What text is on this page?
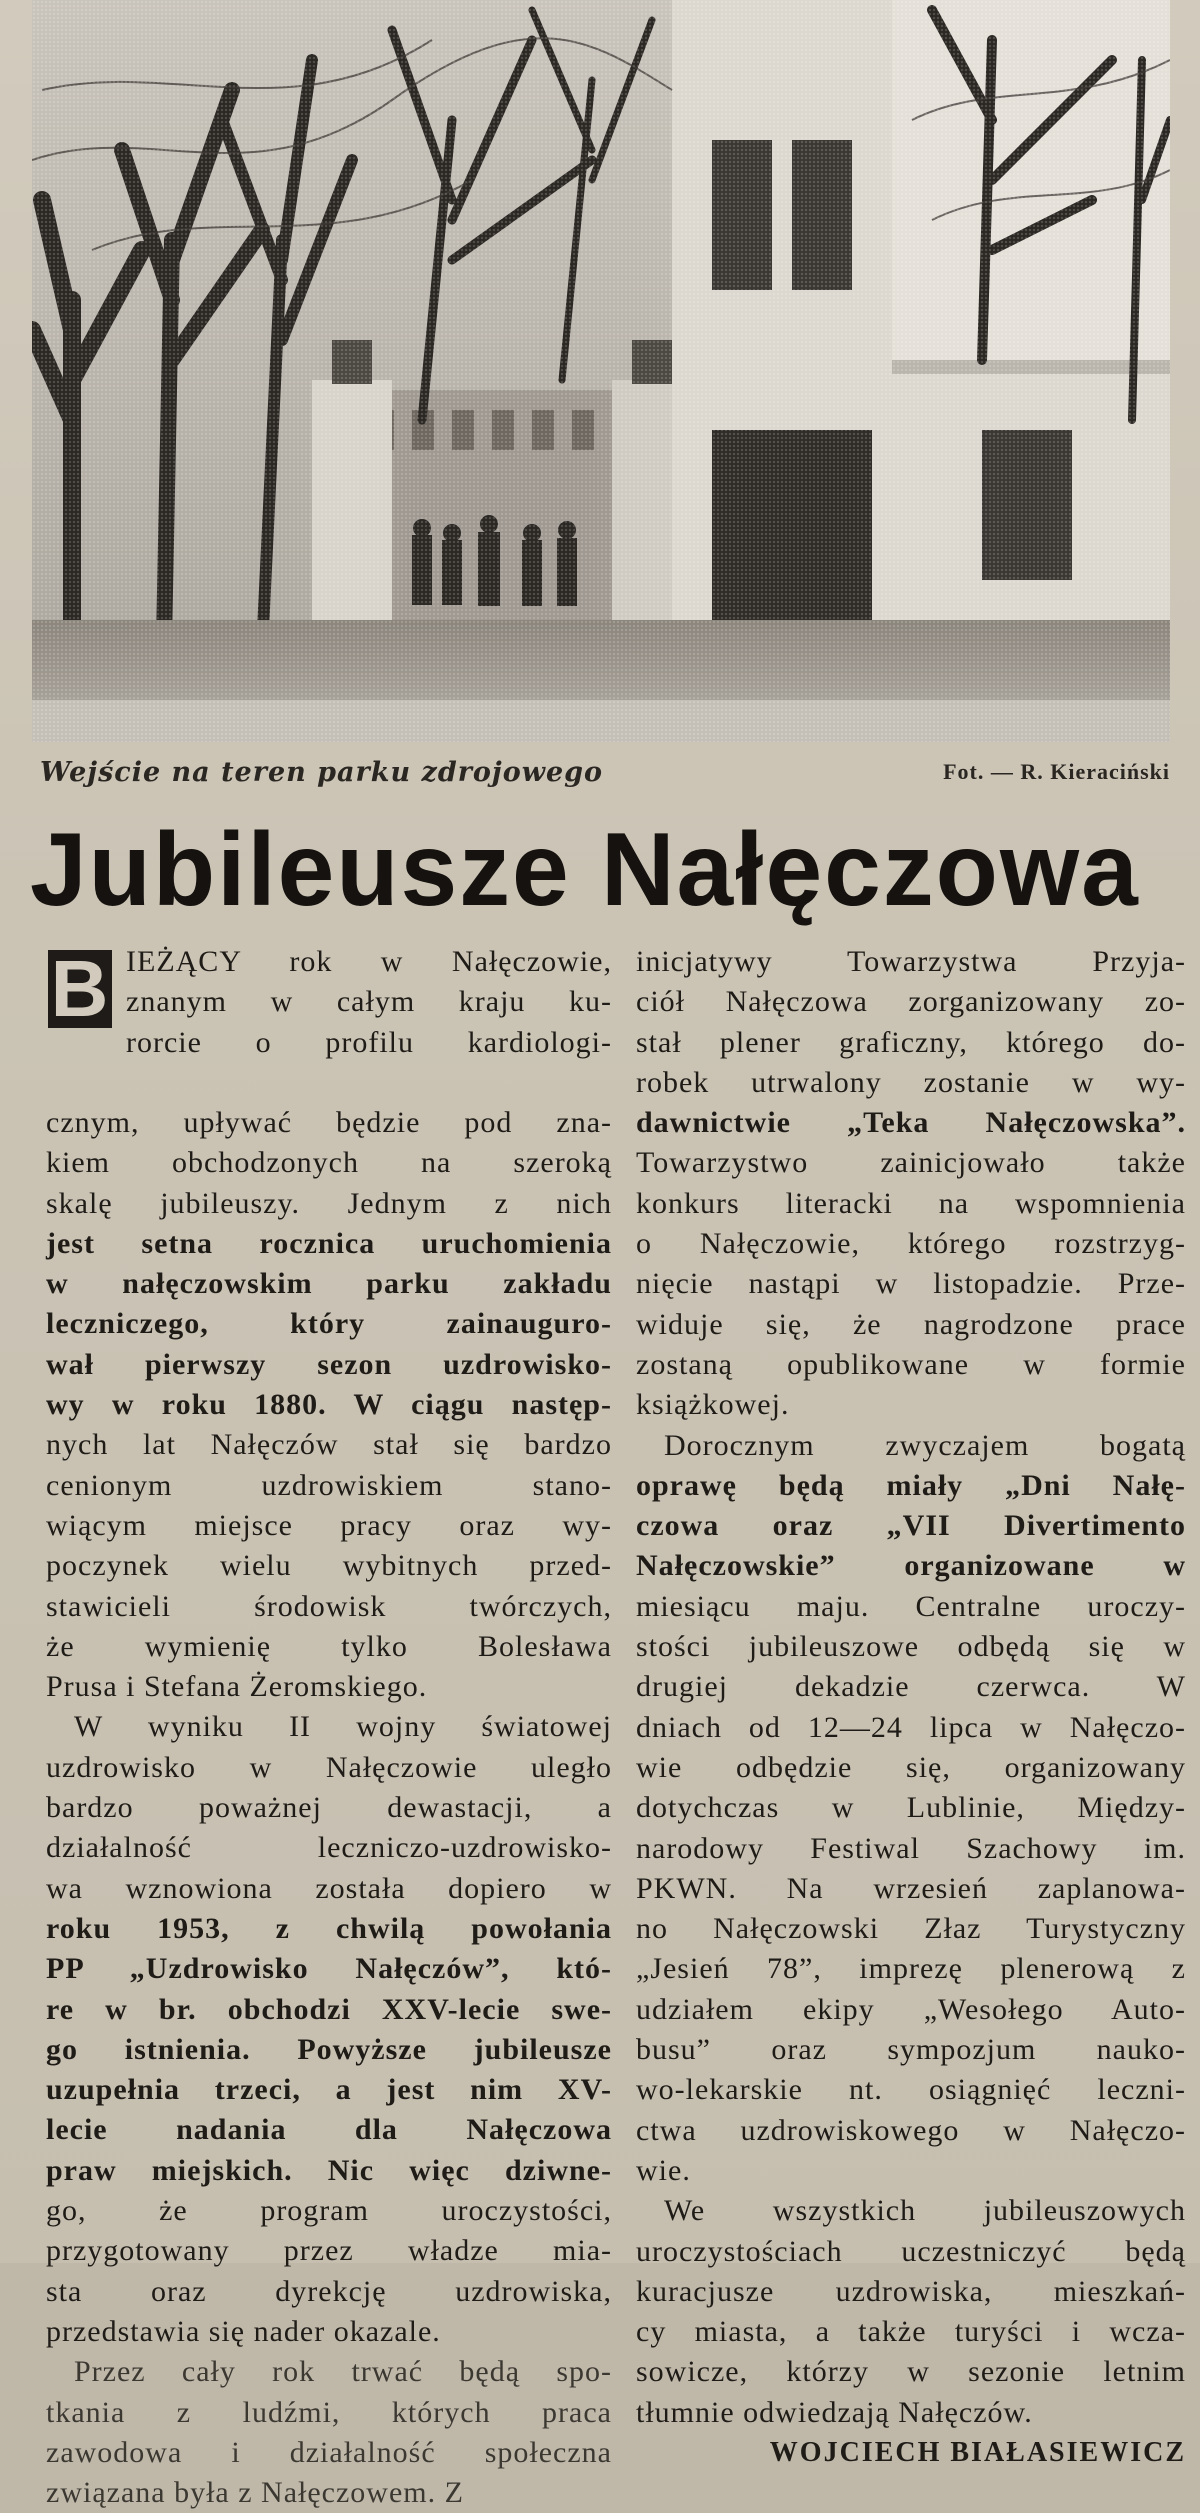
Wejście na teren parku zdrojowego	Fot. — R. Kieraciński
Jubileusze Nałęczowa
B IEŻĄCY rok w Nałęczowie,
znanym w całym kraju ku-
rorcie o profilu kardiologi-
cznym, upływać będzie pod zna-
kiem obchodzonych na szeroką
skalę jubileuszy. Jednym z nich
jest setna rocznica uruchomienia
w nałęczowskim parku zakładu
leczniczego, który zainauguro-
wał pierwszy sezon uzdrowisko-
wy w roku 1880. W ciągu następ-
nych lat Nałęczów stał się bardzo
cenionym uzdrowiskiem stano-
wiącym miejsce pracy oraz wy-
poczynek wielu wybitnych przed-
stawicieli środowisk twórczych,
że wymienię tylko Bolesława
Prusa i Stefana Żeromskiego.
W wyniku II wojny światowej
uzdrowisko w Nałęczowie uległo
bardzo poważnej dewastacji, a
działalność leczniczo-uzdrowisko-
wa wznowiona została dopiero w
roku 1953, z chwilą powołania
PP „Uzdrowisko Nałęczów”, któ-
re w br. obchodzi XXV-lecie swe-
go istnienia. Powyższe jubileusze
uzupełnia trzeci, a jest nim XV-
lecie nadania dla Nałęczowa
praw miejskich. Nic więc dziwne-
go, że program uroczystości,
przygotowany przez władze mia-
sta oraz dyrekcję uzdrowiska,
przedstawia się nader okazale.
Przez cały rok trwać będą spo-
tkania z ludźmi, których praca
zawodowa i działalność społeczna
związana była z Nałęczowem. Z
inicjatywy Towarzystwa Przyja-
ciół Nałęczowa zorganizowany zo-
stał plener graficzny, którego do-
robek utrwalony zostanie w wy-
dawnictwie „Teka Nałęczowska”.
Towarzystwo zainicjowało także
konkurs literacki na wspomnienia
o Nałęczowie, którego rozstrzyg-
nięcie nastąpi w listopadzie. Prze-
widuje się, że nagrodzone prace
zostaną opublikowane w formie
książkowej.
Dorocznym zwyczajem bogatą
oprawę będą miały „Dni Nałę-
czowa oraz „VII Divertimento
Nałęczowskie” organizowane w
miesiącu maju. Centralne uroczy-
stości jubileuszowe odbędą się w
drugiej dekadzie czerwca. W
dniach od 12—24 lipca w Nałęczo-
wie odbędzie się, organizowany
dotychczas w Lublinie, Między-
narodowy Festiwal Szachowy im.
PKWN. Na wrzesień zaplanowa-
no Nałęczowski Złaz Turystyczny
„Jesień 78”, imprezę plenerową z
udziałem ekipy „Wesołego Auto-
busu” oraz sympozjum nauko-
wo-lekarskie nt. osiągnięć leczni-
ctwa uzdrowiskowego w Nałęczo-
wie.
We wszystkich jubileuszowych
uroczystościach uczestniczyć będą
kuracjusze uzdrowiska, mieszkań-
cy miasta, a także turyści i wcza-
sowicze, którzy w sezonie letnim
tłumnie odwiedzają Nałęczów.
WOJCIECH BIAŁASIEWICZ
